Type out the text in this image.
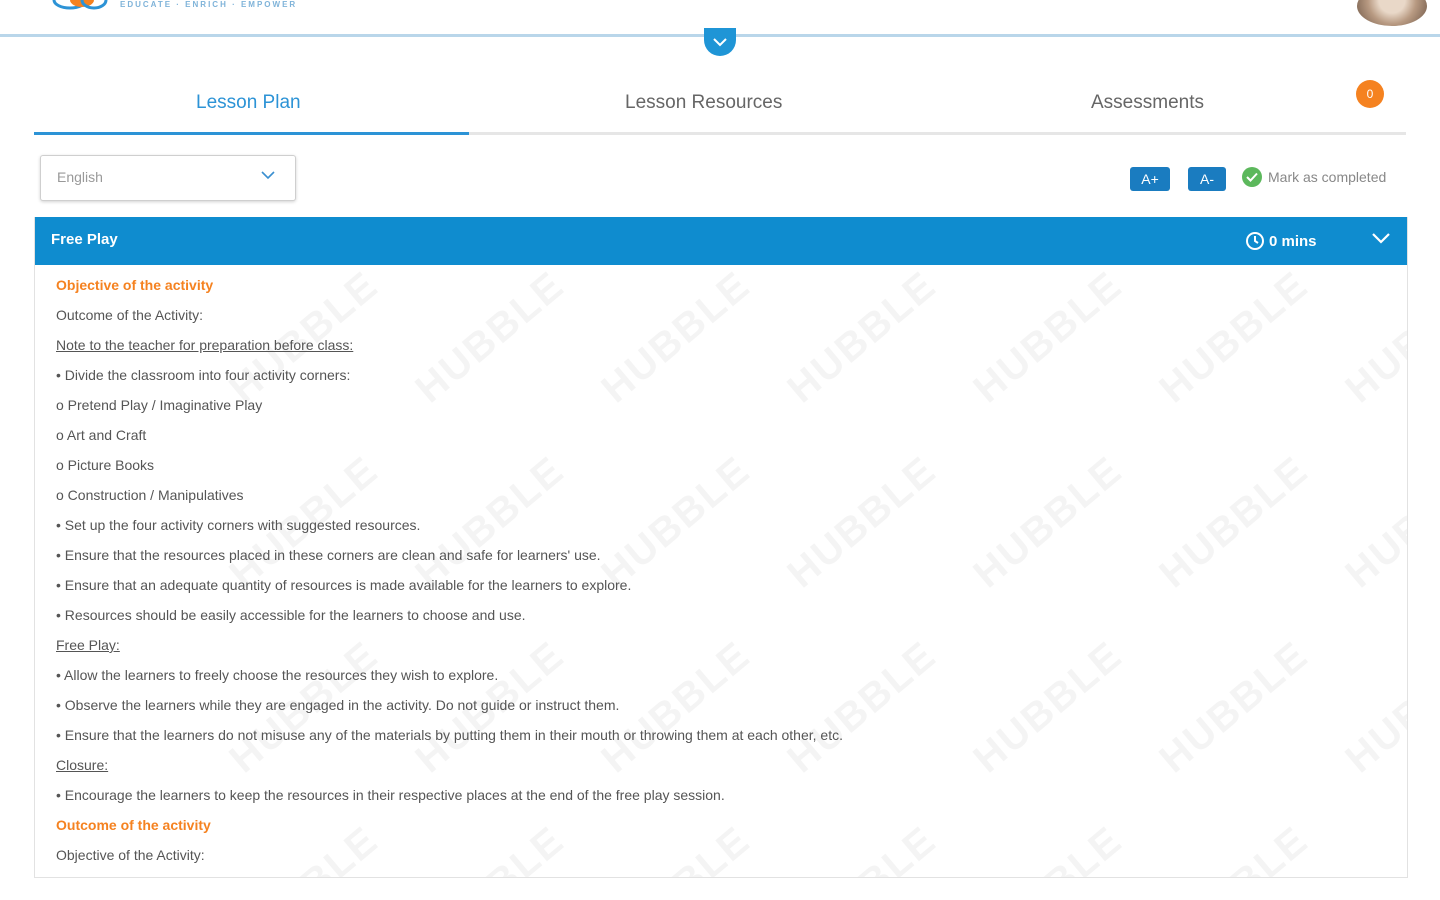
EDUCATE · ENRICH · EMPOWER
Lesson Plan	Lesson Resources	Assessments	0
English	A+	A-	Mark as completed
Free Play	0 mins
Objective of the activity
Outcome of the Activity:
Note to the teacher for preparation before class:
• Divide the classroom into four activity corners:
o Pretend Play / Imaginative Play
o Art and Craft
o Picture Books
o Construction / Manipulatives
• Set up the four activity corners with suggested resources.
• Ensure that the resources placed in these corners are clean and safe for learners' use.
• Ensure that an adequate quantity of resources is made available for the learners to explore.
• Resources should be easily accessible for the learners to choose and use.
Free Play:
• Allow the learners to freely choose the resources they wish to explore.
• Observe the learners while they are engaged in the activity. Do not guide or instruct them.
• Ensure that the learners do not misuse any of the materials by putting them in their mouth or throwing them at each other, etc.
Closure:
• Encourage the learners to keep the resources in their respective places at the end of the free play session.
Outcome of the activity
Objective of the Activity:
